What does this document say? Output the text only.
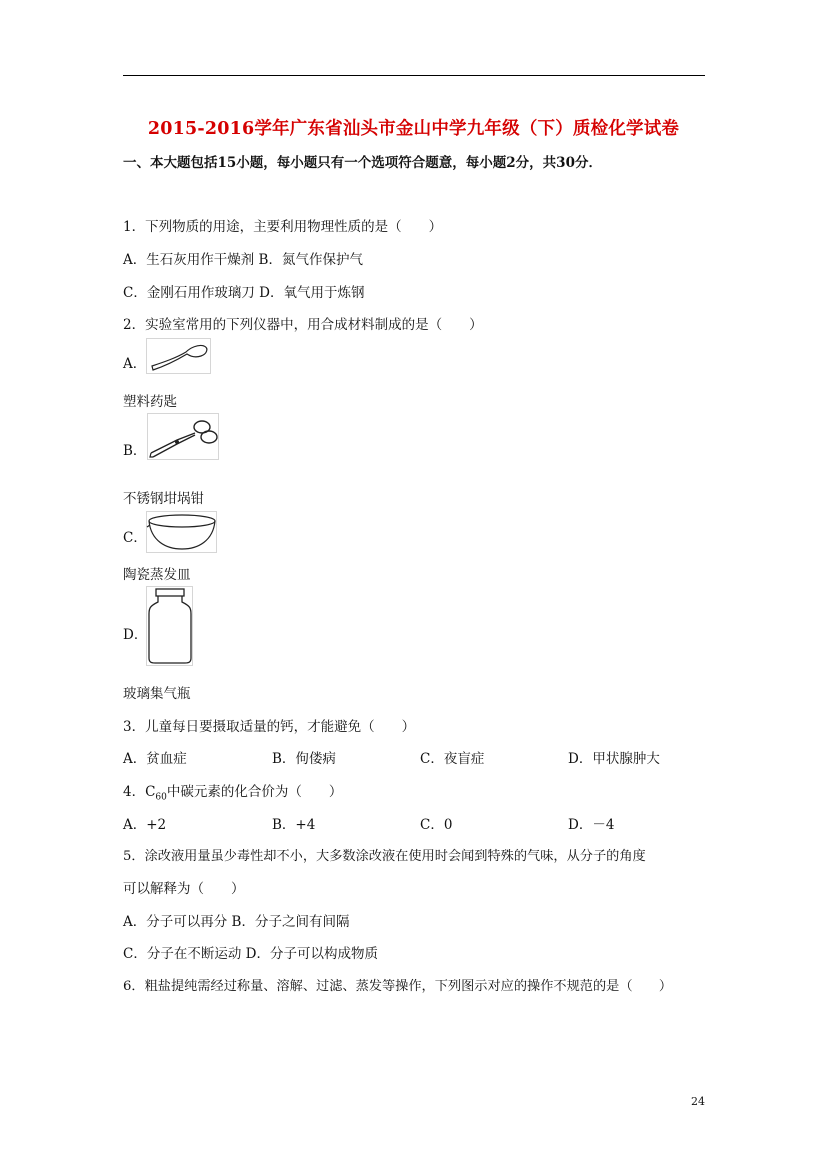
2015-2016学年广东省汕头市金山中学九年级（下）质检化学试卷
一、本大题包括15小题，每小题只有一个选项符合题意，每小题2分，共30分．
1．下列物质的用途，主要利用物理性质的是（　　）
A．生石灰用作干燥剂 B．氮气作保护气
C．金刚石用作玻璃刀 D．氧气用于炼钢
2．实验室常用的下列仪器中，用合成材料制成的是（　　）
A．
塑料药匙
B．
不锈钢坩埚钳
C．
陶瓷蒸发皿
D．
玻璃集气瓶
3．儿童每日要摄取适量的钙，才能避免（　　）
A．贫血症	B．佝偻病	C．夜盲症	D．甲状腺肿大
4．$C_{60}$中碳元素的化合价为（　　）
A．+2	B．+4	C．0	D．－4
5．涂改液用量虽少毒性却不小，大多数涂改液在使用时会闻到特殊的气味，从分子的角度
可以解释为（　　）
A．分子可以再分 B．分子之间有间隔
C．分子在不断运动 D．分子可以构成物质
6．粗盐提纯需经过称量、溶解、过滤、蒸发等操作，下列图示对应的操作不规范的是（　　）
24
